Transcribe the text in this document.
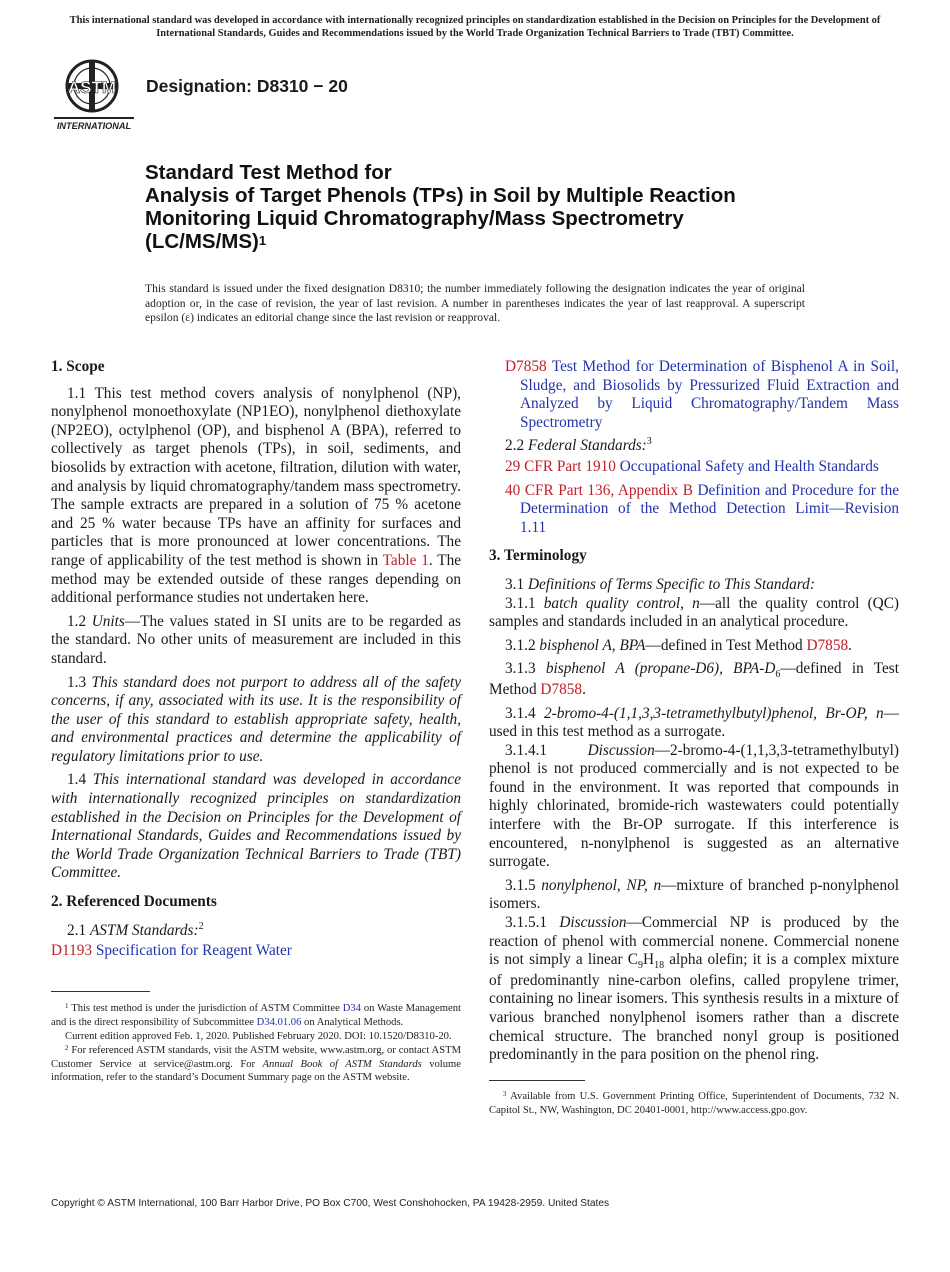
This international standard was developed in accordance with internationally recognized principles on standardization established in the Decision on Principles for the Development of International Standards, Guides and Recommendations issued by the World Trade Organization Technical Barriers to Trade (TBT) Committee.
ASTM
INTERNATIONAL
Designation: D8310 − 20
Standard Test Method for
Analysis of Target Phenols (TPs) in Soil by Multiple Reaction Monitoring Liquid Chromatography/Mass Spectrometry $(LC/MS/MS)^1$
This standard is issued under the fixed designation D8310; the number immediately following the designation indicates the year of original adoption or, in the case of revision, the year of last revision. A number in parentheses indicates the year of last reapproval. A superscript epsilon (ε) indicates an editorial change since the last revision or reapproval.

1. Scope

1.1 This test method covers analysis of nonylphenol (NP), nonylphenol monoethoxylate (NP1EO), nonylphenol diethoxylate (NP2EO), octylphenol (OP), and bisphenol A (BPA), referred to collectively as target phenols (TPs), in soil, sediments, and biosolids by extraction with acetone, filtration, dilution with water, and analysis by liquid chromatography/tandem mass spectrometry. The sample extracts are prepared in a solution of 75 % acetone and 25 % water because TPs have an affinity for surfaces and particles that is more pronounced at lower concentrations. The range of applicability of the test method is shown in Table 1. The method may be extended outside of these ranges depending on additional performance studies not undertaken here.

1.2 Units—The values stated in SI units are to be regarded as the standard. No other units of measurement are included in this standard.

1.3 This standard does not purport to address all of the safety concerns, if any, associated with its use. It is the responsibility of the user of this standard to establish appropriate safety, health, and environmental practices and determine the applicability of regulatory limitations prior to use.

1.4 This international standard was developed in accordance with internationally recognized principles on standardization established in the Decision on Principles for the Development of International Standards, Guides and Recommendations issued by the World Trade Organization Technical Barriers to Trade (TBT) Committee.

2. Referenced Documents

2.1 ASTM Standards:$^2$

D1193 Specification for Reagent Water

$^1$ This test method is under the jurisdiction of ASTM Committee D34 on Waste Management and is the direct responsibility of Subcommittee D34.01.06 on Analytical Methods.

Current edition approved Feb. 1, 2020. Published February 2020. DOI: 10.1520/D8310-20.

$^2$ For referenced ASTM standards, visit the ASTM website, www.astm.org, or contact ASTM Customer Service at service@astm.org. For Annual Book of ASTM Standards volume information, refer to the standard’s Document Summary page on the ASTM website.

D7858 Test Method for Determination of Bisphenol A in Soil, Sludge, and Biosolids by Pressurized Fluid Extraction and Analyzed by Liquid Chromatography/Tandem Mass Spectrometry

2.2 Federal Standards:$^3$

29 CFR Part 1910 Occupational Safety and Health Standards

40 CFR Part 136, Appendix B Definition and Procedure for the Determination of the Method Detection Limit—Revision 1.11

3. Terminology

3.1 Definitions of Terms Specific to This Standard:

3.1.1 batch quality control, n—all the quality control (QC) samples and standards included in an analytical procedure.

3.1.2 bisphenol A, BPA—defined in Test Method D7858.

3.1.3 bisphenol A (propane-D6), BPA-$D_6—defined$ in Test Method D7858.

3.1.4 2-bromo-4-(1,1,3,3-tetramethylbutyl)phenol, Br-OP, n—used in this test method as a surrogate.

3.1.4.1 Discussion—2-bromo-4-(1,1,3,3-tetramethylbutyl) phenol is not produced commercially and is not expected to be found in the environment. It was reported that compounds in highly chlorinated, bromide-rich wastewaters could potentially interfere with the Br-OP surrogate. If this interference is encountered, n-nonylphenol is suggested as an alternative surrogate.

3.1.5 nonylphenol, NP, n—mixture of branched p-nonylphenol isomers.

3.1.5.1 Discussion—Commercial NP is produced by the reaction of phenol with commercial nonene. Commercial nonene is not simply a linear $C_9H_{18}$ alpha olefin; it is a complex mixture of predominantly nine-carbon olefins, called propylene trimer, containing no linear isomers. This synthesis results in a mixture of various branched nonylphenol isomers rather than a discrete chemical structure. The branched nonyl group is positioned predominantly in the para position on the phenol ring.

$^3$ Available from U.S. Government Printing Office, Superintendent of Documents, 732 N. Capitol St., NW, Washington, DC 20401-0001, http://www.access.gpo.gov.

Copyright © ASTM International, 100 Barr Harbor Drive, PO Box C700, West Conshohocken, PA 19428-2959. United States
